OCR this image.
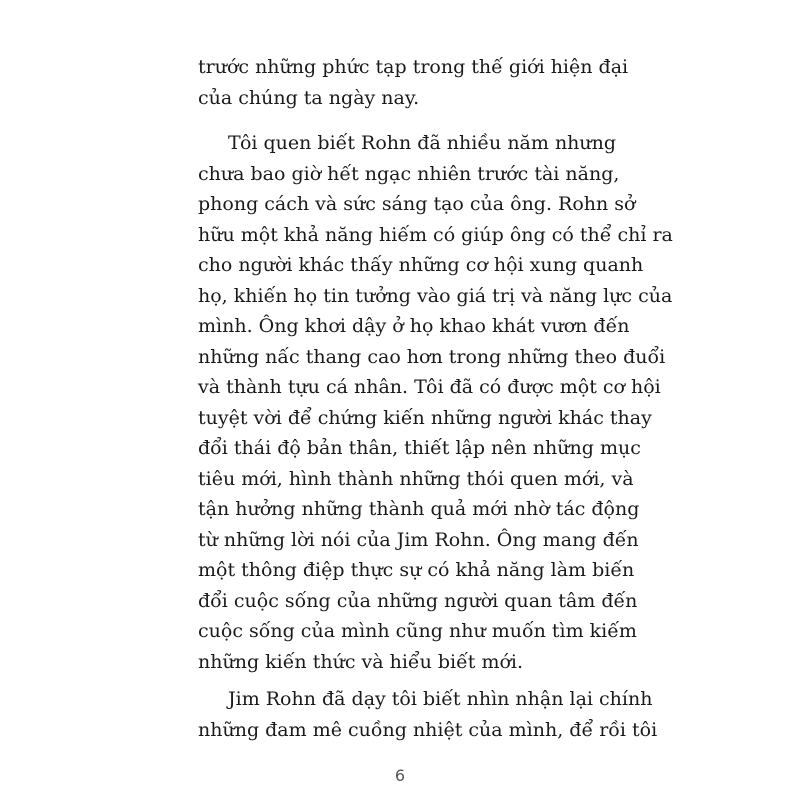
trước những phức tạp trong thế giới hiện đại
của chúng ta ngày nay.
Tôi quen biết Rohn đã nhiều năm nhưng
chưa bao giờ hết ngạc nhiên trước tài năng,
phong cách và sức sáng tạo của ông. Rohn sở
hữu một khả năng hiếm có giúp ông có thể chỉ ra
cho người khác thấy những cơ hội xung quanh
họ, khiến họ tin tưởng vào giá trị và năng lực của
mình. Ông khơi dậy ở họ khao khát vươn đến
những nấc thang cao hơn trong những theo đuổi
và thành tựu cá nhân. Tôi đã có được một cơ hội
tuyệt vời để chứng kiến những người khác thay
đổi thái độ bản thân, thiết lập nên những mục
tiêu mới, hình thành những thói quen mới, và
tận hưởng những thành quả mới nhờ tác động
từ những lời nói của Jim Rohn. Ông mang đến
một thông điệp thực sự có khả năng làm biến
đổi cuộc sống của những người quan tâm đến
cuộc sống của mình cũng như muốn tìm kiếm
những kiến thức và hiểu biết mới.
Jim Rohn đã dạy tôi biết nhìn nhận lại chính
những đam mê cuồng nhiệt của mình, để rồi tôi
6
